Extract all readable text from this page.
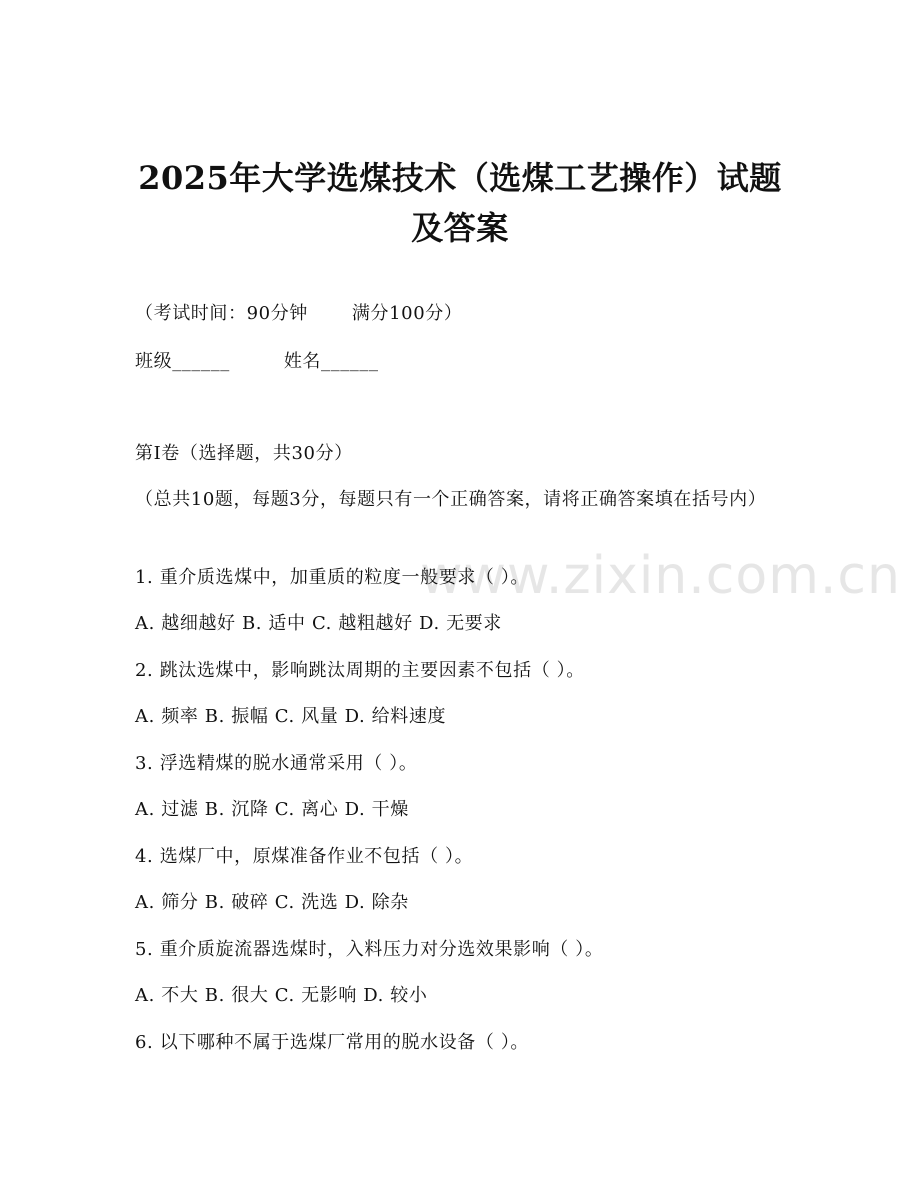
www.zixin.com.cn
2025年大学选煤技术（选煤工艺操作）试题
及答案
（考试时间：90分钟 满分100分）
班级______	姓名______
第I卷（选择题，共30分）
（总共10题，每题3分，每题只有一个正确答案，请将正确答案填在括号内）
1. 重介质选煤中，加重质的粒度一般要求（ ）。
A. 越细越好 B. 适中 C. 越粗越好 D. 无要求
2. 跳汰选煤中，影响跳汰周期的主要因素不包括（ ）。
A. 频率 B. 振幅 C. 风量 D. 给料速度
3. 浮选精煤的脱水通常采用（ ）。
A. 过滤 B. 沉降 C. 离心 D. 干燥
4. 选煤厂中，原煤准备作业不包括（ ）。
A. 筛分 B. 破碎 C. 洗选 D. 除杂
5. 重介质旋流器选煤时，入料压力对分选效果影响（ ）。
A. 不大 B. 很大 C. 无影响 D. 较小
6. 以下哪种不属于选煤厂常用的脱水设备（ ）。
